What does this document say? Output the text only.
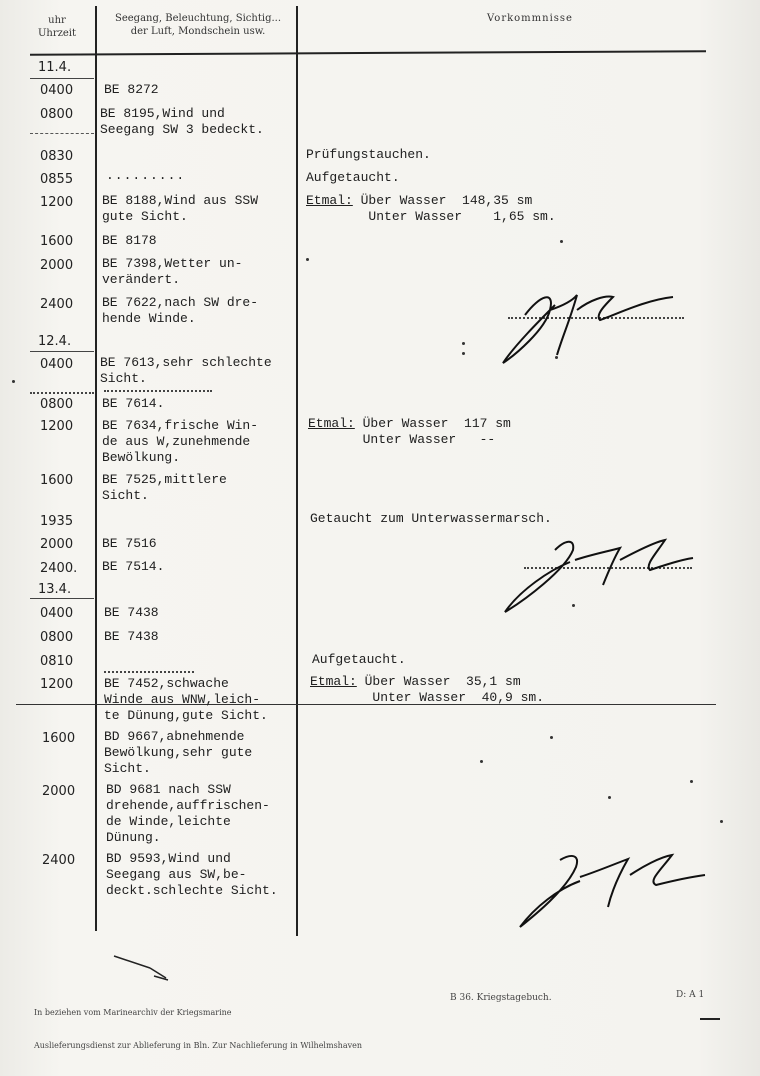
uhr
Uhrzeit
Seegang, Beleuchtung, Sichtig...
der Luft, Mondschein usw.
Vorkommnisse
11.4.
0400
0800
0830
0855
1200
1600
2000
2400
12.4.
0400
0800
1200
1600
1935
2000
2400.
13.4.
0400
0800
0810
1200
1600
2000
2400
BE 8272
BE 8195,Wind und
Seegang SW 3 bedeckt.
.........
BE 8188,Wind aus SSW
gute Sicht.
BE 8178
BE 7398,Wetter un-
verändert.
BE 7622,nach SW dre-
hende Winde.
BE 7613,sehr schlechte
Sicht.
BE 7614.
BE 7634,frische Win-
de aus W,zunehmende
Bewölkung.
BE 7525,mittlere
Sicht.
BE 7516
BE 7514.
BE 7438
BE 7438
BE 7452,schwache
Winde aus WNW,leich-
te Dünung,gute Sicht.
BD 9667,abnehmende
Bewölkung,sehr gute
Sicht.
BD 9681 nach SSW
drehende,auffrischen-
de Winde,leichte
Dünung.
BD 9593,Wind und
Seegang aus SW,be-
deckt.schlechte Sicht.
Prüfungstauchen.
Aufgetaucht.
Etmal: Über Wasser  148,35 sm
Unter Wasser    1,65 sm.
Etmal: Über Wasser  117 sm
Unter Wasser   --
Getaucht zum Unterwassermarsch.
Aufgetaucht.
Etmal: Über Wasser  35,1 sm
Unter Wasser  40,9 sm.

In beziehen vom Marinearchiv der Kriegsmarine

Auslieferungsdienst zur Ablieferung in Bln. Zur Nachlieferung in Wilhelmshaven

B 36. Kriegstagebuch.	D: A 1
